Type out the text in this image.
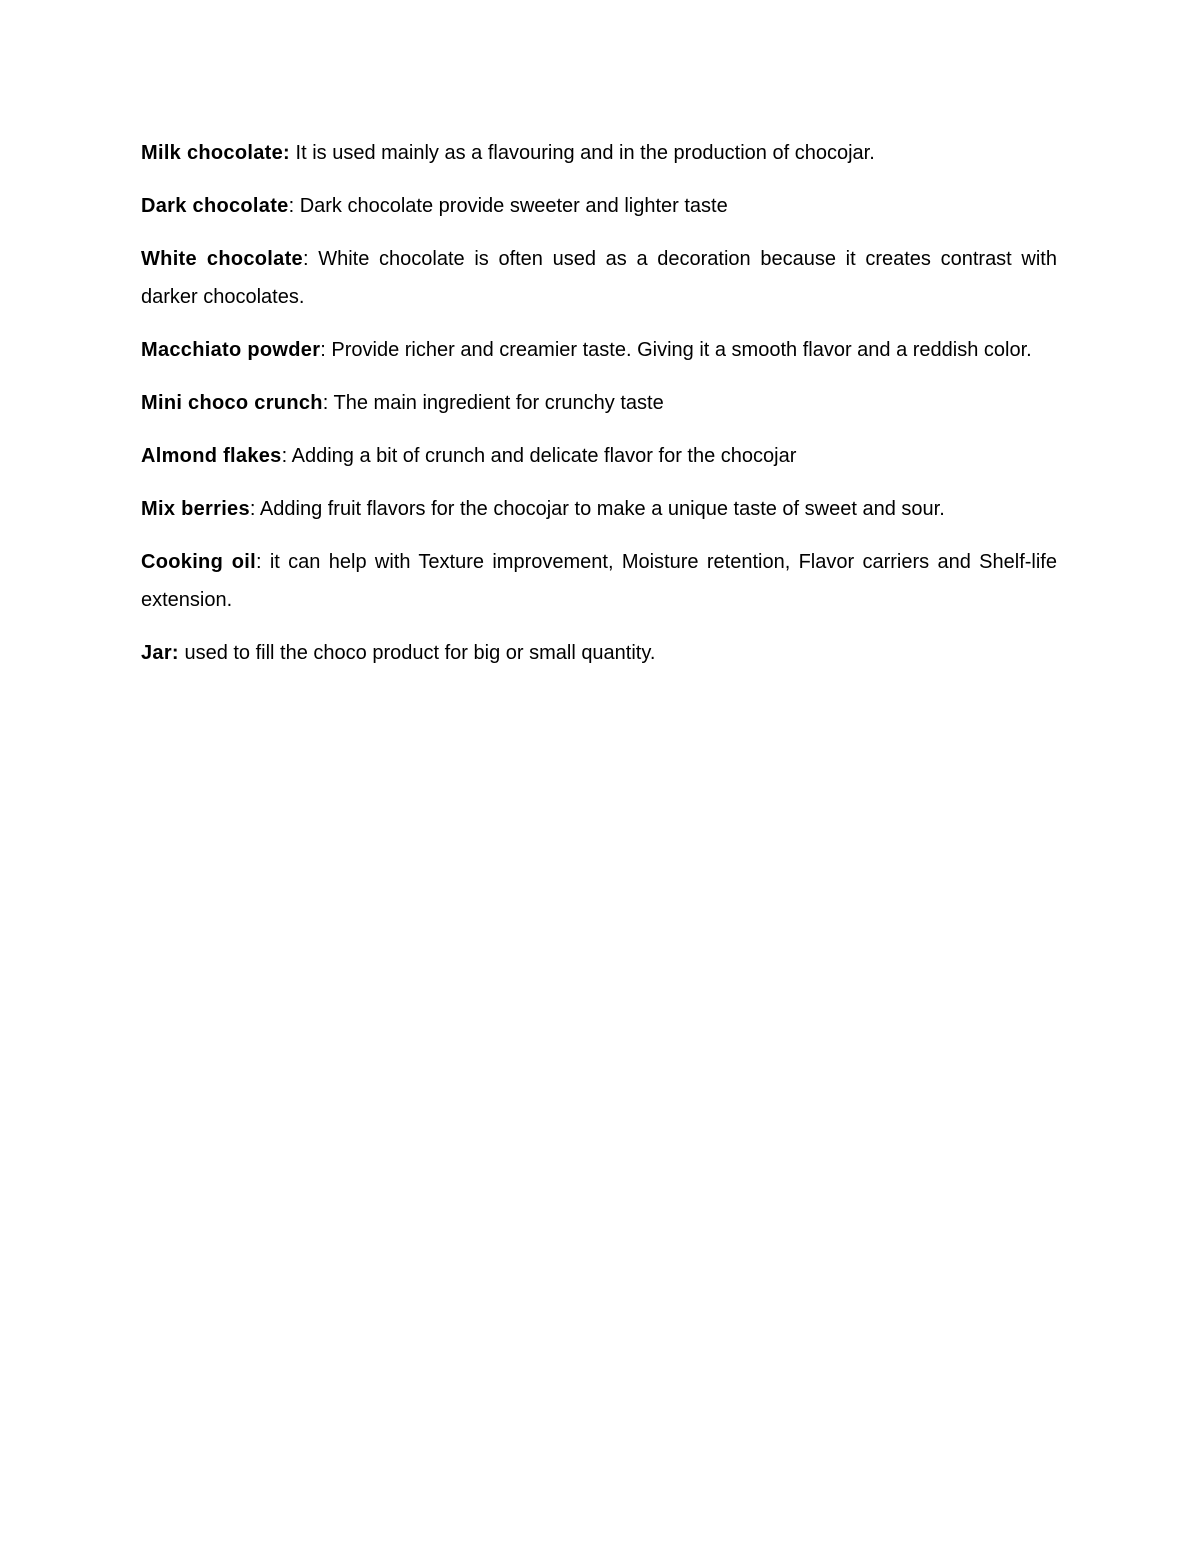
Milk chocolate: It is used mainly as a flavouring and in the production of chocojar.

Dark chocolate: Dark chocolate provide sweeter and lighter taste

White chocolate: White chocolate is often used as a decoration because it creates contrast with darker chocolates.

Macchiato powder: Provide richer and creamier taste. Giving it a smooth flavor and a reddish color.

Mini choco crunch: The main ingredient for crunchy taste

Almond flakes: Adding a bit of crunch and delicate flavor for the chocojar

Mix berries: Adding fruit flavors for the chocojar to make a unique taste of sweet and sour.

Cooking oil: it can help with Texture improvement, Moisture retention, Flavor carriers and Shelf-life extension.

Jar: used to fill the choco product for big or small quantity.
